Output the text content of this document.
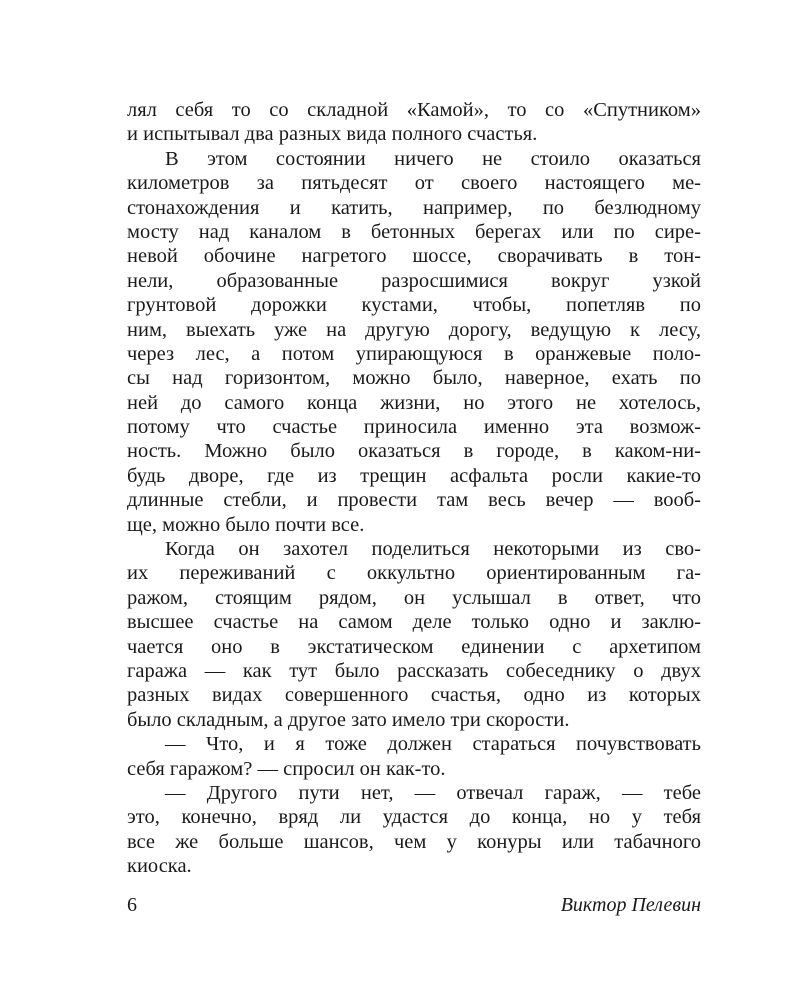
лял себя то со складной «Камой», то со «Спутником»
и испытывал два разных вида полного счастья.
В этом состоянии ничего не стоило оказаться
километров за пятьдесят от своего настоящего ме-
стонахождения и катить, например, по безлюдному
мосту над каналом в бетонных берегах или по сире-
невой обочине нагретого шоссе, сворачивать в тон-
нели, образованные разросшимися вокруг узкой
грунтовой дорожки кустами, чтобы, попетляв по
ним, выехать уже на другую дорогу, ведущую к лесу,
через лес, а потом упирающуюся в оранжевые поло-
сы над горизонтом, можно было, наверное, ехать по
ней до самого конца жизни, но этого не хотелось,
потому что счастье приносила именно эта возмож-
ность. Можно было оказаться в городе, в каком-ни-
будь дворе, где из трещин асфальта росли какие-то
длинные стебли, и провести там весь вечер — вооб-
ще, можно было почти все.
Когда он захотел поделиться некоторыми из сво-
их переживаний с оккультно ориентированным га-
ражом, стоящим рядом, он услышал в ответ, что
высшее счастье на самом деле только одно и заклю-
чается оно в экстатическом единении с архетипом
гаража — как тут было рассказать собеседнику о двух
разных видах совершенного счастья, одно из которых
было складным, а другое зато имело три скорости.
— Что, и я тоже должен стараться почувствовать
себя гаражом? — спросил он как-то.
— Другого пути нет, — отвечал гараж, — тебе
это, конечно, вряд ли удастся до конца, но у тебя
все же больше шансов, чем у конуры или табачного
киоска.
6	Виктор Пелевин
